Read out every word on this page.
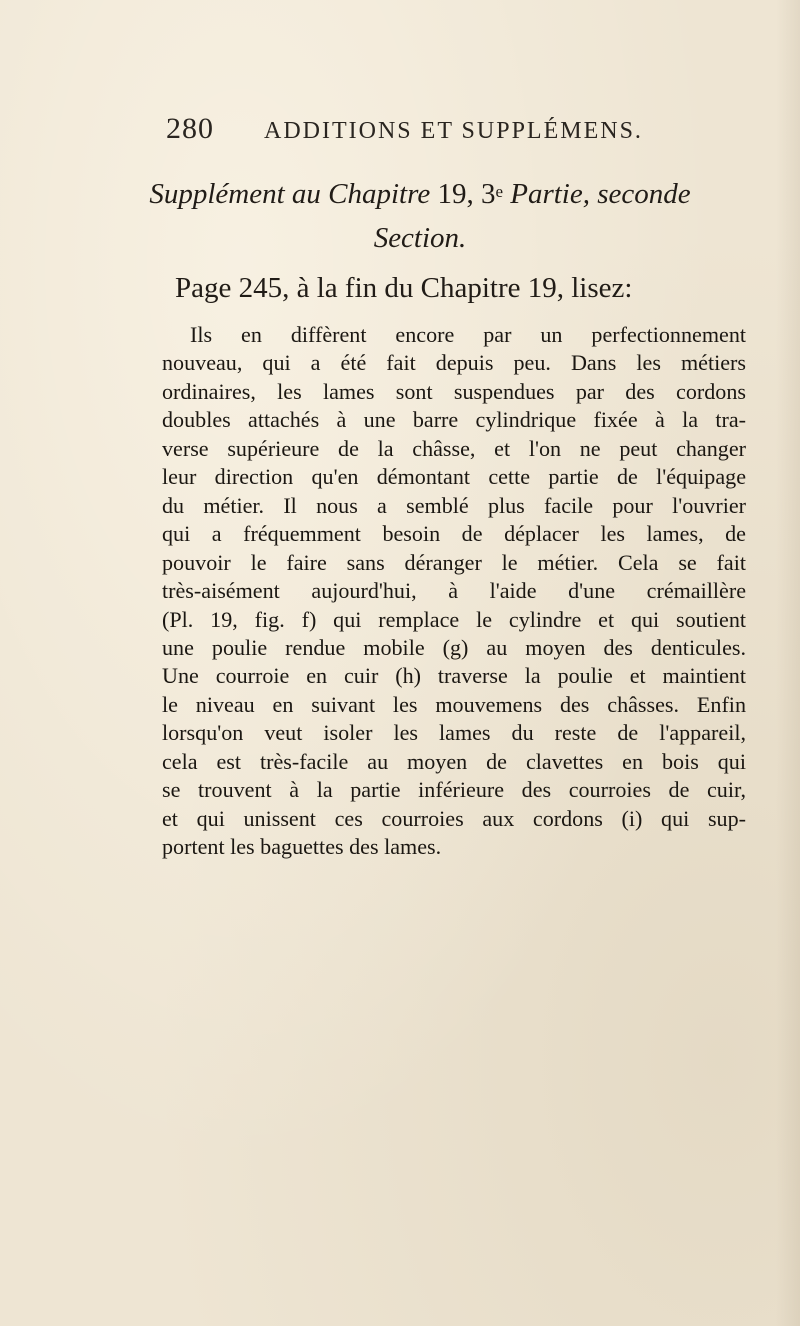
280 ADDITIONS ET SUPPLÉMENS.
Supplément au Chapitre 19, 3e Partie, seconde
Section.
Page 245, à la fin du Chapitre 19, lisez:

Ils en diffèrent encore par un perfectionnement
nouveau, qui a été fait depuis peu. Dans les métiers
ordinaires, les lames sont suspendues par des cordons
doubles attachés à une barre cylindrique fixée à la tra-
verse supérieure de la châsse, et l'on ne peut changer
leur direction qu'en démontant cette partie de l'équipage
du métier. Il nous a semblé plus facile pour l'ouvrier
qui a fréquemment besoin de déplacer les lames, de
pouvoir le faire sans déranger le métier. Cela se fait
très-aisément aujourd'hui, à l'aide d'une crémaillère
(Pl. 19, fig. f) qui remplace le cylindre et qui soutient
une poulie rendue mobile (g) au moyen des denticules.
Une courroie en cuir (h) traverse la poulie et maintient
le niveau en suivant les mouvemens des châsses. Enfin
lorsqu'on veut isoler les lames du reste de l'appareil,
cela est très-facile au moyen de clavettes en bois qui
se trouvent à la partie inférieure des courroies de cuir,
et qui unissent ces courroies aux cordons (i) qui sup-
portent les baguettes des lames.
